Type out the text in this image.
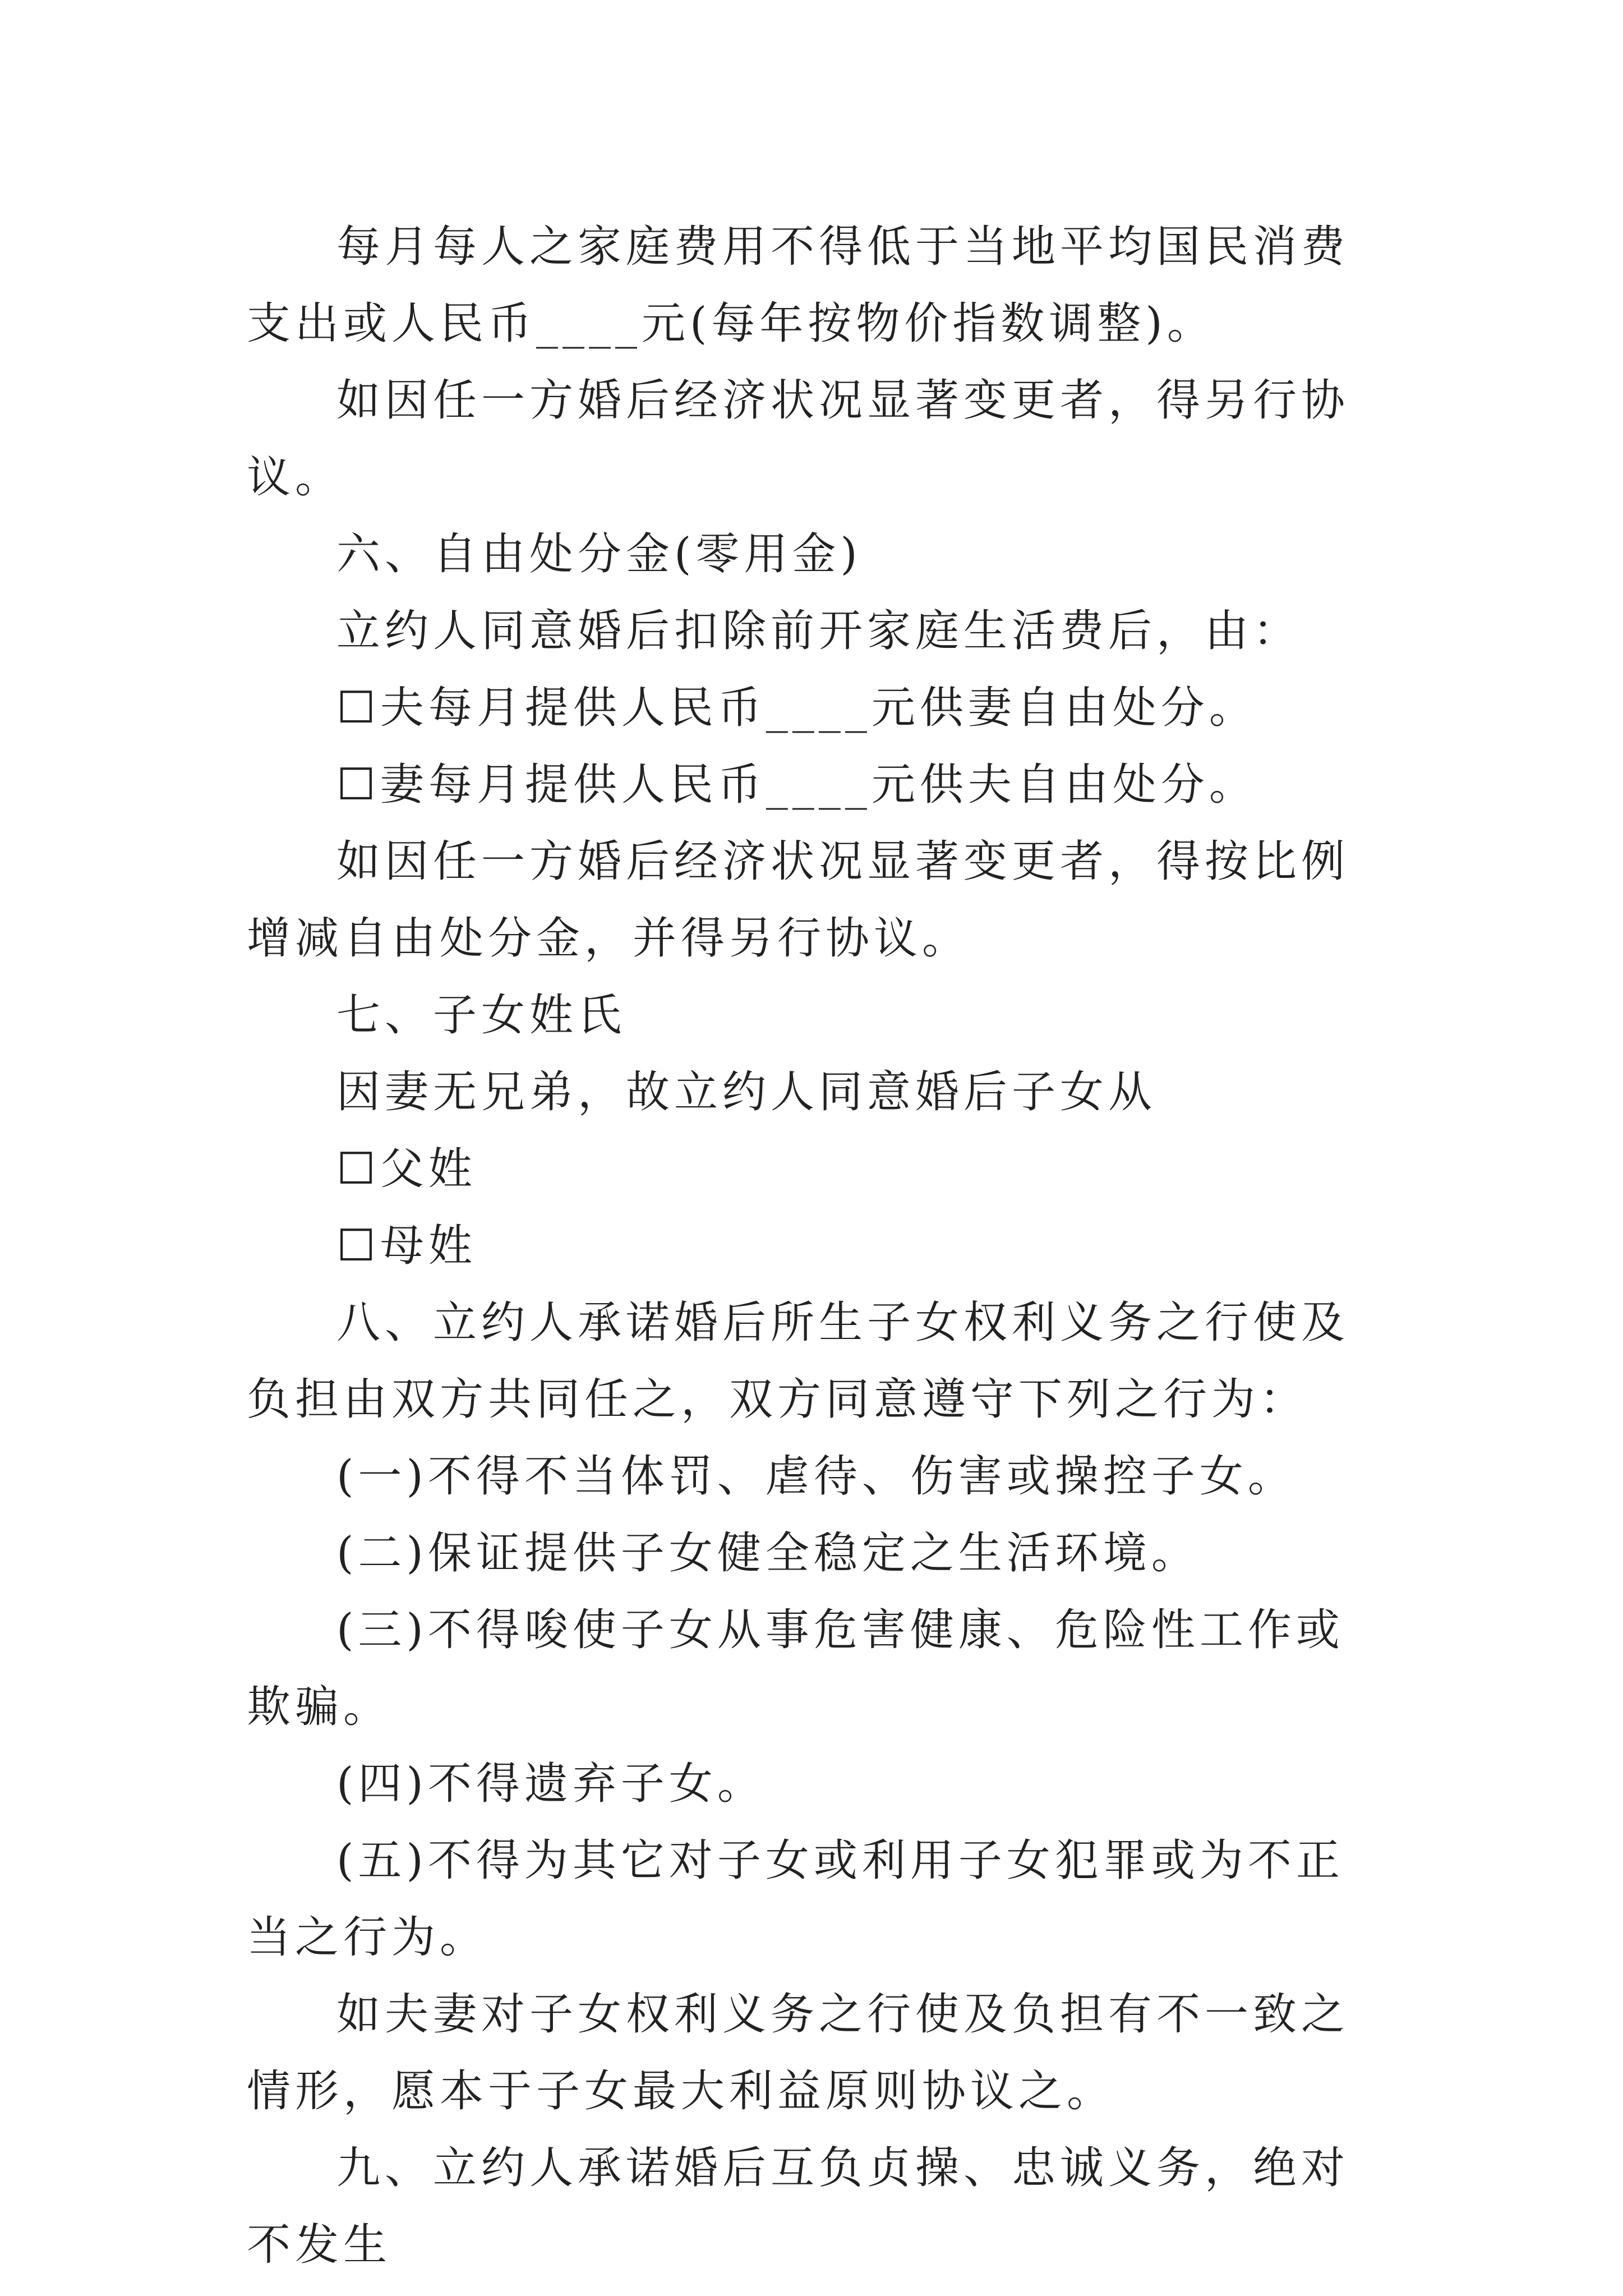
每月每人之家庭费用不得低于当地平均国民消费支出或人民币____元(每年按物价指数调整)。

如因任一方婚后经济状况显著变更者，得另行协议。

六、自由处分金(零用金)

立约人同意婚后扣除前开家庭生活费后，由：

☐夫每月提供人民币____元供妻自由处分。

☐妻每月提供人民币____元供夫自由处分。

如因任一方婚后经济状况显著变更者，得按比例增减自由处分金，并得另行协议。

七、子女姓氏

因妻无兄弟，故立约人同意婚后子女从

☐父姓

☐母姓

八、立约人承诺婚后所生子女权利义务之行使及负担由双方共同任之，双方同意遵守下列之行为：

(一)不得不当体罚、虐待、伤害或操控子女。

(二)保证提供子女健全稳定之生活环境。

(三)不得唆使子女从事危害健康、危险性工作或欺骗。

(四)不得遗弃子女。

(五)不得为其它对子女或利用子女犯罪或为不正当之行为。

如夫妻对子女权利义务之行使及负担有不一致之情形，愿本于子女最大利益原则协议之。

九、立约人承诺婚后互负贞操、忠诚义务，绝对不发生
